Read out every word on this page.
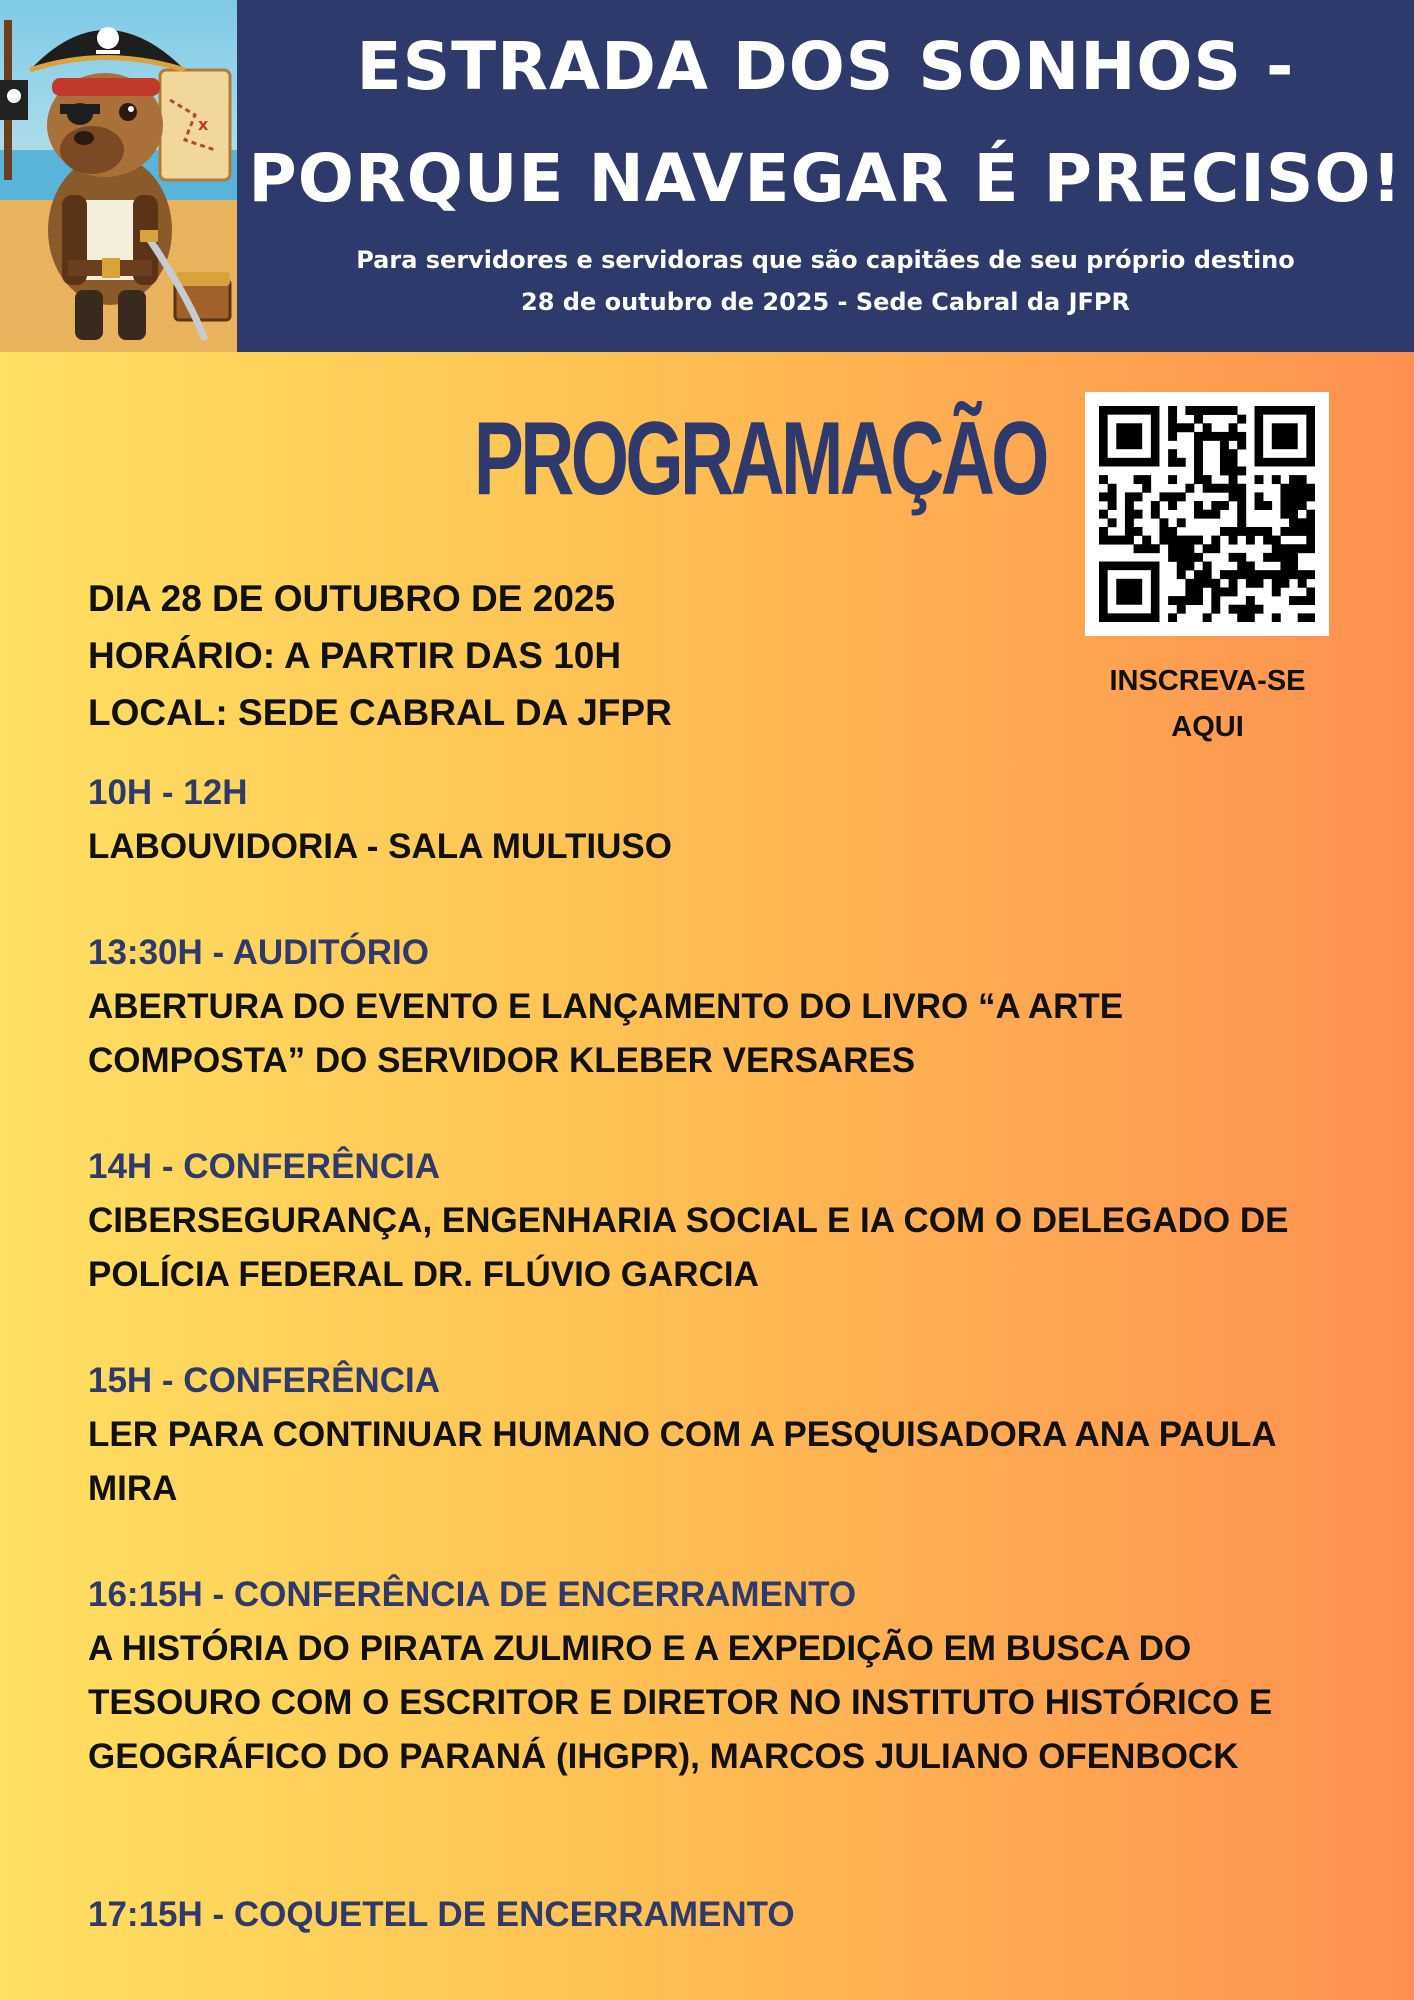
x
ESTRADA DOS SONHOS -
PORQUE NAVEGAR É PRECISO!
Para servidores e servidoras que são capitães de seu próprio destino
28 de outubro de 2025 - Sede Cabral da JFPR
PROGRAMAÇÃO
INSCREVA-SE
AQUI
DIA 28 DE OUTUBRO DE 2025
HORÁRIO: A PARTIR DAS 10H
LOCAL: SEDE CABRAL DA JFPR
10H - 12H
LABOUVIDORIA - SALA MULTIUSO
13:30H - AUDITÓRIO
ABERTURA DO EVENTO E LANÇAMENTO DO LIVRO “A ARTE COMPOSTA” DO SERVIDOR KLEBER VERSARES
14H - CONFERÊNCIA
CIBERSEGURANÇA, ENGENHARIA SOCIAL E IA COM O DELEGADO DE POLÍCIA FEDERAL DR. FLÚVIO GARCIA
15H - CONFERÊNCIA
LER PARA CONTINUAR HUMANO COM A PESQUISADORA ANA PAULA MIRA
16:15H - CONFERÊNCIA DE ENCERRAMENTO
A HISTÓRIA DO PIRATA ZULMIRO E A EXPEDIÇÃO EM BUSCA DO TESOURO COM O ESCRITOR E DIRETOR NO INSTITUTO HISTÓRICO E GEOGRÁFICO DO PARANÁ (IHGPR), MARCOS JULIANO OFENBOCK
17:15H - COQUETEL DE ENCERRAMENTO
